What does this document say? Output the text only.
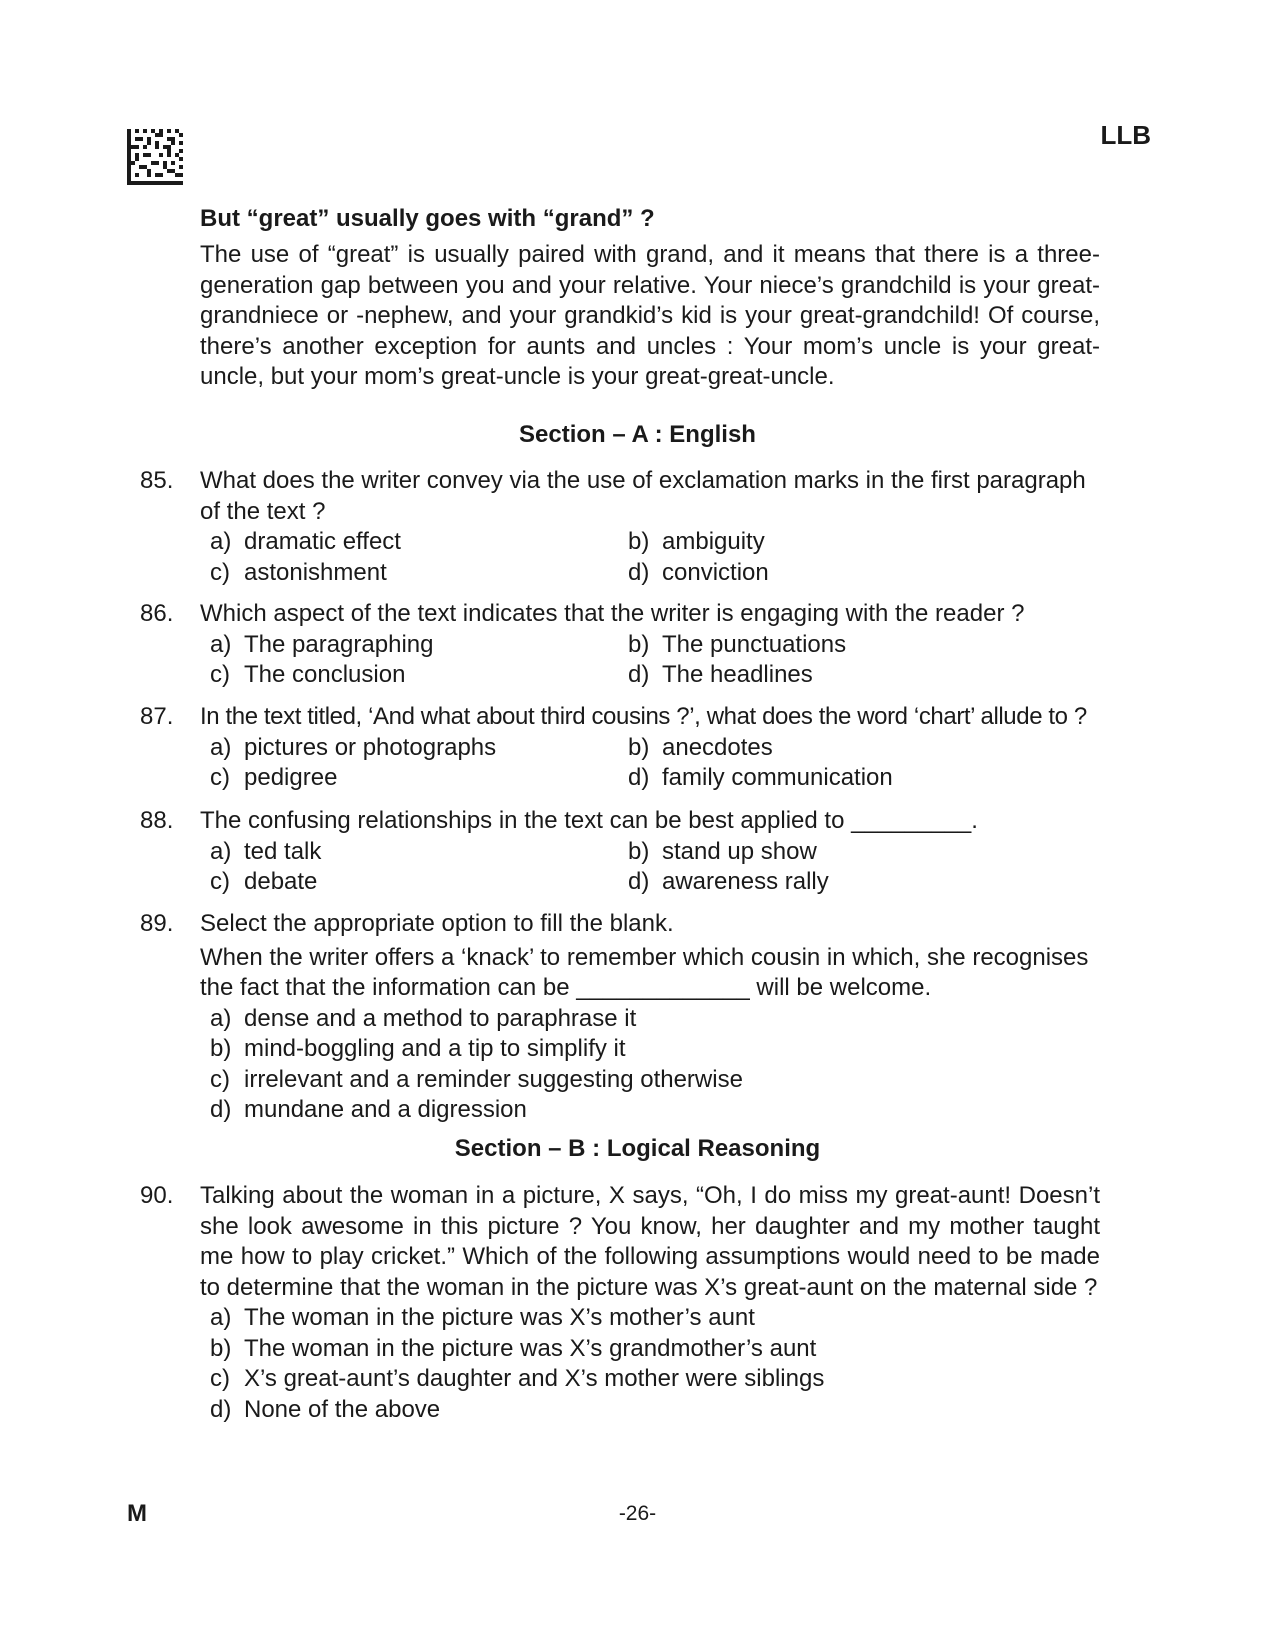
LLB
But “great” usually goes with “grand” ?
The use of “great” is usually paired with grand, and it means that there is a three-generation gap between you and your relative. Your niece’s grandchild is your great-grandniece or -nephew, and your grandkid’s kid is your great-grandchild! Of course, there’s another exception for aunts and uncles : Your mom’s uncle is your great-uncle, but your mom’s great-uncle is your great-great-uncle.
Section – A : English
85. What does the writer convey via the use of exclamation marks in the first paragraph of the text ?
a) dramatic effect	b) ambiguity
c) astonishment	d) conviction
86. Which aspect of the text indicates that the writer is engaging with the reader ?
a) The paragraphing	b) The punctuations
c) The conclusion	d) The headlines
87. In the text titled, ‘And what about third cousins ?’, what does the word ‘chart’ allude to ?
a) pictures or photographs	b) anecdotes
c) pedigree	d) family communication
88. The confusing relationships in the text can be best applied to _________.
a) ted talk	b) stand up show
c) debate	d) awareness rally
89. Select the appropriate option to fill the blank.
When the writer offers a ‘knack’ to remember which cousin in which, she recognises the fact that the information can be _____________ will be welcome.
a) dense and a method to paraphrase it
b) mind-boggling and a tip to simplify it
c) irrelevant and a reminder suggesting otherwise
d) mundane and a digression
Section – B : Logical Reasoning
90. Talking about the woman in a picture, X says, “Oh, I do miss my great-aunt! Doesn’t she look awesome in this picture ? You know, her daughter and my mother taught me how to play cricket.” Which of the following assumptions would need to be made to determine that the woman in the picture was X’s great-aunt on the maternal side ?
a) The woman in the picture was X’s mother’s aunt
b) The woman in the picture was X’s grandmother’s aunt
c) X’s great-aunt’s daughter and X’s mother were siblings
d) None of the above
M	-26-
